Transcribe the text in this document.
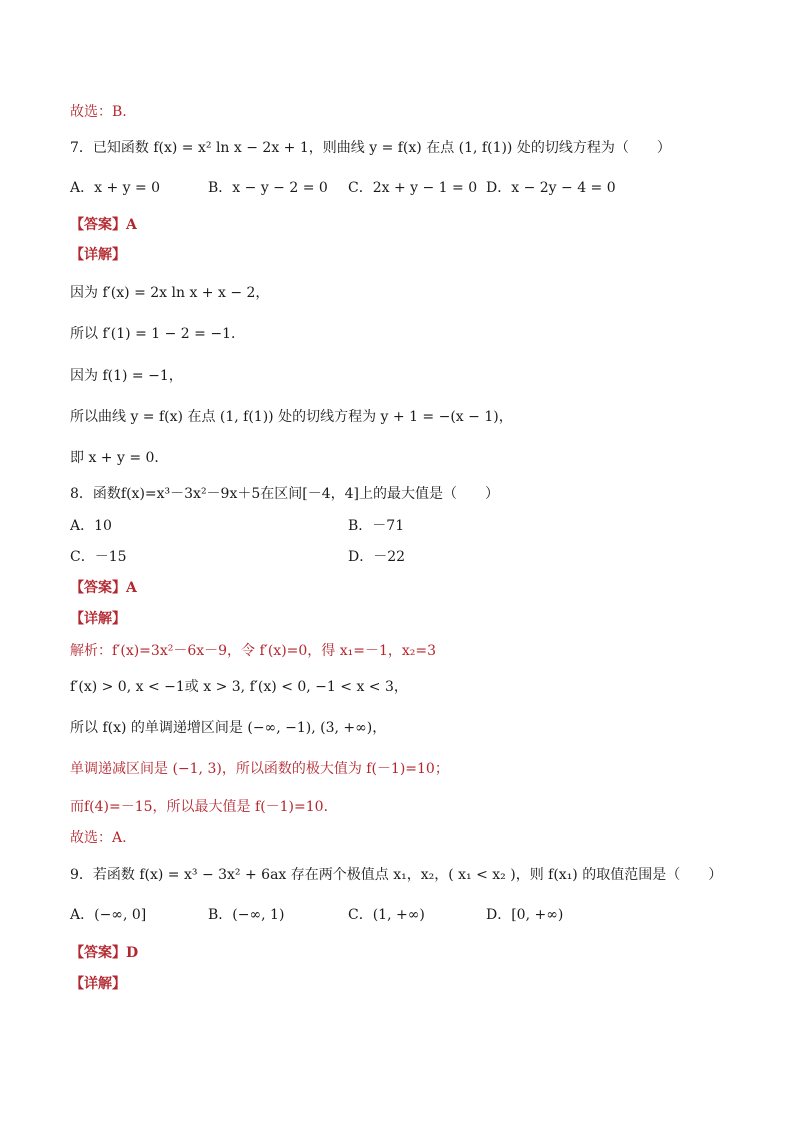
故选：B.
7．已知函数 f(x) = x² ln x − 2x + 1，则曲线 y = f(x) 在点 (1, f(1)) 处的切线方程为（　　）
A．x + y = 0	B．x − y − 2 = 0 C．2x + y − 1 = 0 D．x − 2y − 4 = 0
【答案】A
【详解】
因为 f′(x) = 2x ln x + x − 2，
所以 f′(1) = 1 − 2 = −1．
因为 f(1) = −1，
所以曲线 y = f(x) 在点 (1, f(1)) 处的切线方程为 y + 1 = −(x − 1)，
即 x + y = 0．
8．函数f(x)=x³－3x²－9x＋5在区间[－4，4]上的最大值是（　　）
A．10	B．－71
C．－15	D．－22
【答案】A
【详解】
解析：f′(x)=3x²－6x－9，令 f′(x)=0，得 x₁=－1，x₂=3
f′(x) > 0, x < −1或 x > 3, f′(x) < 0, −1 < x < 3，
所以 f(x) 的单调递增区间是 (−∞, −1), (3, +∞)，
单调递减区间是 (−1, 3)，所以函数的极大值为 f(－1)=10；
而f(4)=－15，所以最大值是 f(－1)=10．
故选：A.
9．若函数 f(x) = x³ − 3x² + 6ax 存在两个极值点 x₁，x₂，( x₁ < x₂ )，则 f(x₁) 的取值范围是（　　）
A．(−∞, 0]	B．(−∞, 1)	C．(1, +∞)	D．[0, +∞)
【答案】D
【详解】
